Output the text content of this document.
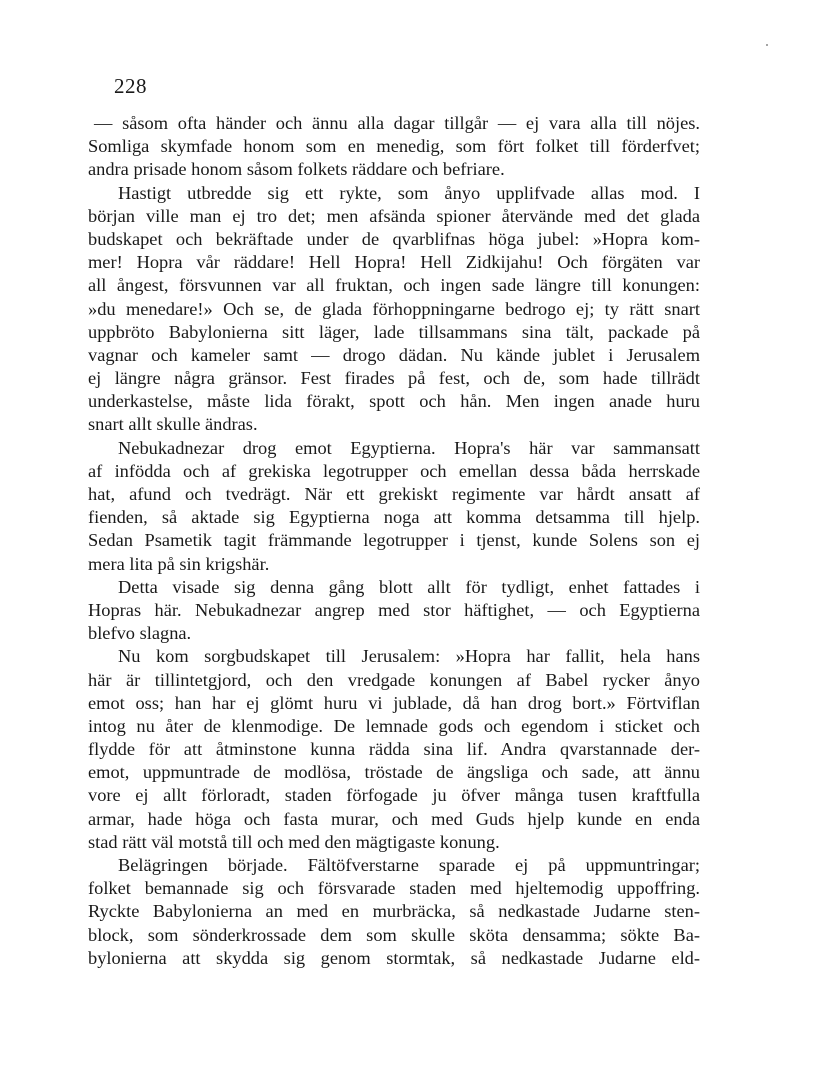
228
— såsom ofta händer och ännu alla dagar tillgår — ej vara alla till nöjes.
Somliga skymfade honom som en menedig, som fört folket till förderfvet;
andra prisade honom såsom folkets räddare och befriare.
Hastigt utbredde sig ett rykte, som ånyo upplifvade allas mod. I
början ville man ej tro det; men afsända spioner återvände med det glada
budskapet och bekräftade under de qvarblifnas höga jubel: »Hopra kom-
mer! Hopra vår räddare! Hell Hopra! Hell Zidkijahu! Och förgäten var
all ångest, försvunnen var all fruktan, och ingen sade längre till konungen:
»du menedare!» Och se, de glada förhoppningarne bedrogo ej; ty rätt snart
uppbröto Babylonierna sitt läger, lade tillsammans sina tält, packade på
vagnar och kameler samt — drogo dädan. Nu kände jublet i Jerusalem
ej längre några gränsor. Fest firades på fest, och de, som hade tillrädt
underkastelse, måste lida förakt, spott och hån. Men ingen anade huru
snart allt skulle ändras.
Nebukadnezar drog emot Egyptierna. Hopra's här var sammansatt
af infödda och af grekiska legotrupper och emellan dessa båda herrskade
hat, afund och tvedrägt. När ett grekiskt regimente var hårdt ansatt af
fienden, så aktade sig Egyptierna noga att komma detsamma till hjelp.
Sedan Psametik tagit främmande legotrupper i tjenst, kunde Solens son ej
mera lita på sin krigshär.
Detta visade sig denna gång blott allt för tydligt, enhet fattades i
Hopras här. Nebukadnezar angrep med stor häftighet, — och Egyptierna
blefvo slagna.
Nu kom sorgbudskapet till Jerusalem: »Hopra har fallit, hela hans
här är tillintetgjord, och den vredgade konungen af Babel rycker ånyo
emot oss; han har ej glömt huru vi jublade, då han drog bort.» Förtviflan
intog nu åter de klenmodige. De lemnade gods och egendom i sticket och
flydde för att åtminstone kunna rädda sina lif. Andra qvarstannade der-
emot, uppmuntrade de modlösa, tröstade de ängsliga och sade, att ännu
vore ej allt förloradt, staden förfogade ju öfver många tusen kraftfulla
armar, hade höga och fasta murar, och med Guds hjelp kunde en enda
stad rätt väl motstå till och med den mägtigaste konung.
Belägringen började. Fältöfverstarne sparade ej på uppmuntringar;
folket bemannade sig och försvarade staden med hjeltemodig uppoffring.
Ryckte Babylonierna an med en murbräcka, så nedkastade Judarne sten-
block, som sönderkrossade dem som skulle sköta densamma; sökte Ba-
bylonierna att skydda sig genom stormtak, så nedkastade Judarne eld-
